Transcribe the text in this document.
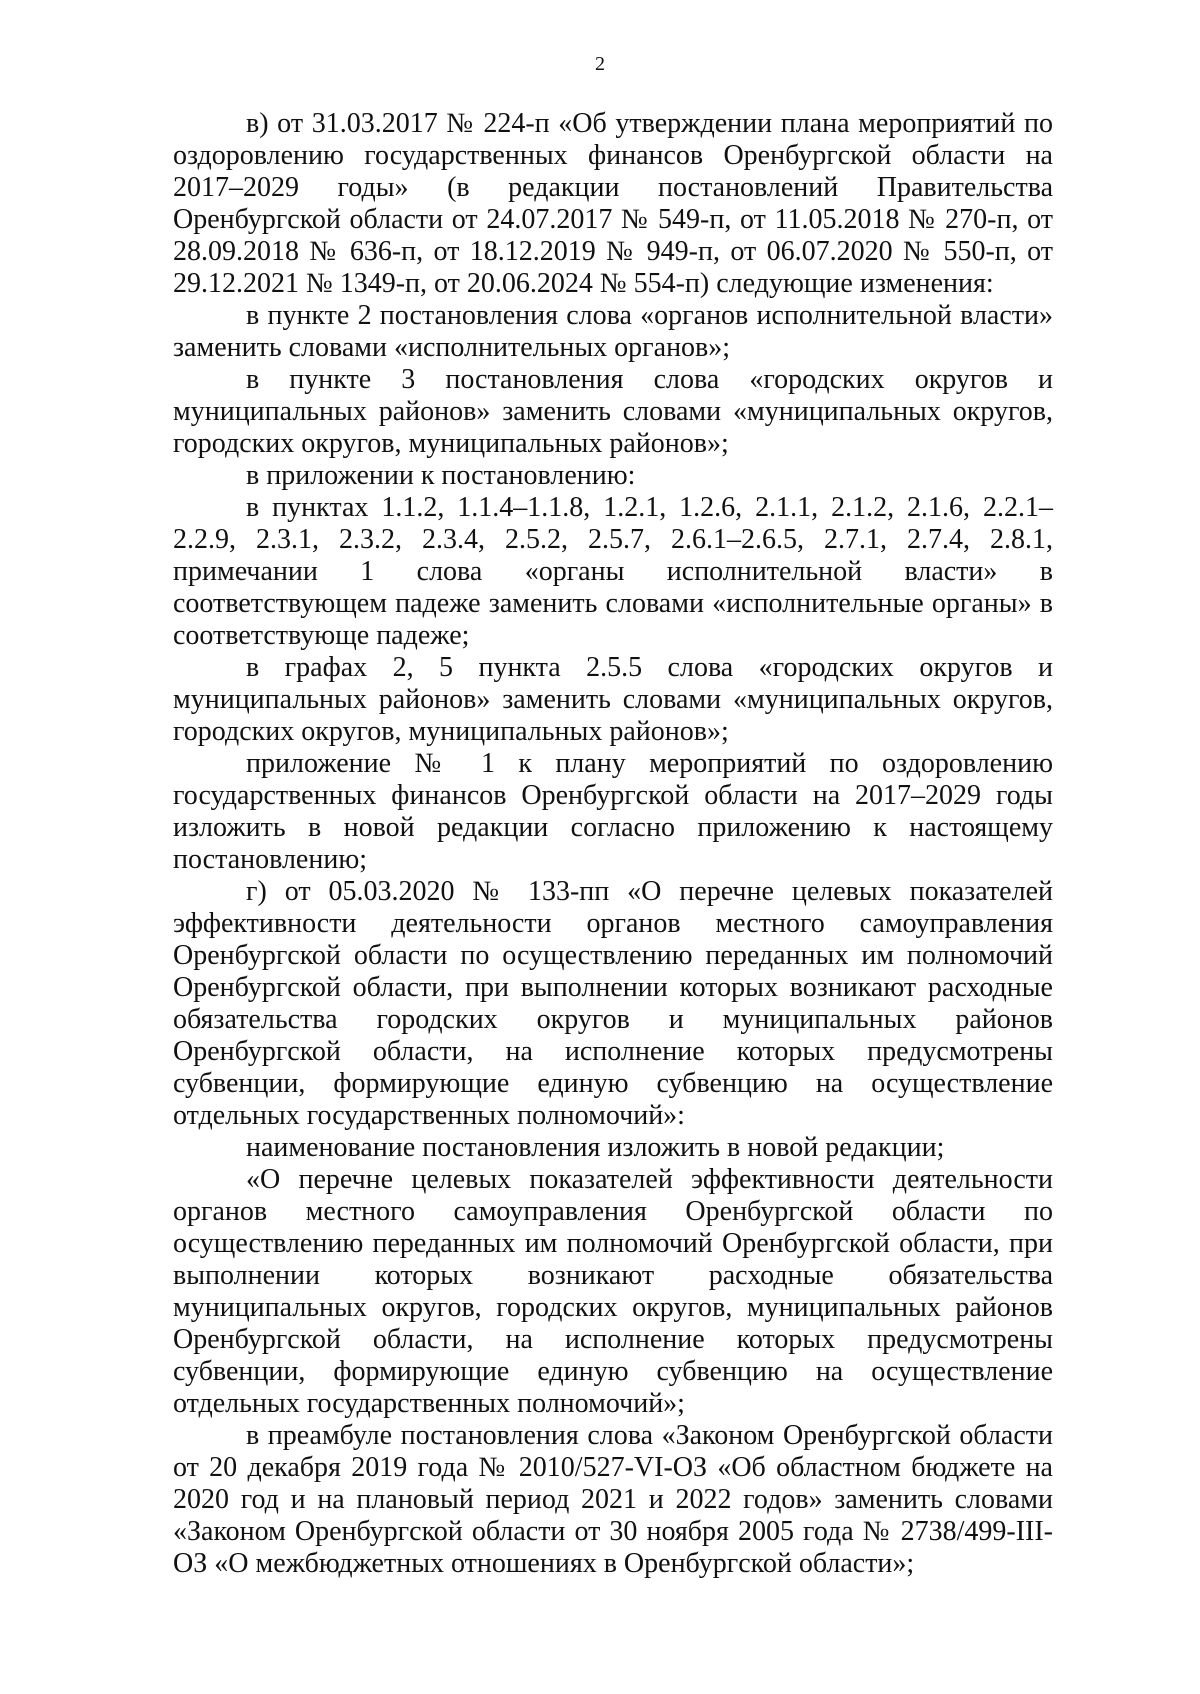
2

в) от 31.03.2017 № 224-п «Об утверждении плана мероприятий по оздоровлению государственных финансов Оренбургской области на 2017–2029 годы» (в редакции постановлений Правительства Оренбургской области от 24.07.2017 № 549-п, от 11.05.2018 № 270-п, от 28.09.2018 № 636-п, от 18.12.2019 № 949-п, от 06.07.2020 № 550-п, от 29.12.2021 № 1349-п, от 20.06.2024 № 554-п) следующие изменения:

в пункте 2 постановления слова «органов исполнительной власти» заменить словами «исполнительных органов»;

в пункте 3 постановления слова «городских округов и муниципальных районов» заменить словами «муниципальных округов, городских округов, муниципальных районов»;

в приложении к постановлению:

в пунктах 1.1.2, 1.1.4–1.1.8, 1.2.1, 1.2.6, 2.1.1, 2.1.2, 2.1.6, 2.2.1–2.2.9, 2.3.1, 2.3.2, 2.3.4, 2.5.2, 2.5.7, 2.6.1–2.6.5, 2.7.1, 2.7.4, 2.8.1, примечании 1 слова «органы исполнительной власти» в соответствующем падеже заменить словами «исполнительные органы» в соответствующе падеже;

в графах 2, 5 пункта 2.5.5 слова «городских округов и муниципальных районов» заменить словами «муниципальных округов, городских округов, муниципальных районов»;

приложение № 1 к плану мероприятий по оздоровлению государственных финансов Оренбургской области на 2017–2029 годы изложить в новой редакции согласно приложению к настоящему постановлению;

г) от 05.03.2020 № 133-пп «О перечне целевых показателей эффективности деятельности органов местного самоуправления Оренбургской области по осуществлению переданных им полномочий Оренбургской области, при выполнении которых возникают расходные обязательства городских округов и муниципальных районов Оренбургской области, на исполнение которых предусмотрены субвенции, формирующие единую субвенцию на осуществление отдельных государственных полномочий»:

наименование постановления изложить в новой редакции;

«О перечне целевых показателей эффективности деятельности органов местного самоуправления Оренбургской области по осуществлению переданных им полномочий Оренбургской области, при выполнении которых возникают расходные обязательства муниципальных округов, городских округов, муниципальных районов Оренбургской области, на исполнение которых предусмотрены субвенции, формирующие единую субвенцию на осуществление отдельных государственных полномочий»;

в преамбуле постановления слова «Законом Оренбургской области от 20 декабря 2019 года № 2010/527-VI-ОЗ «Об областном бюджете на 2020 год и на плановый период 2021 и 2022 годов» заменить словами «Законом Оренбургской области от 30 ноября 2005 года № 2738/499-III-ОЗ «О межбюджетных отношениях в Оренбургской области»;
